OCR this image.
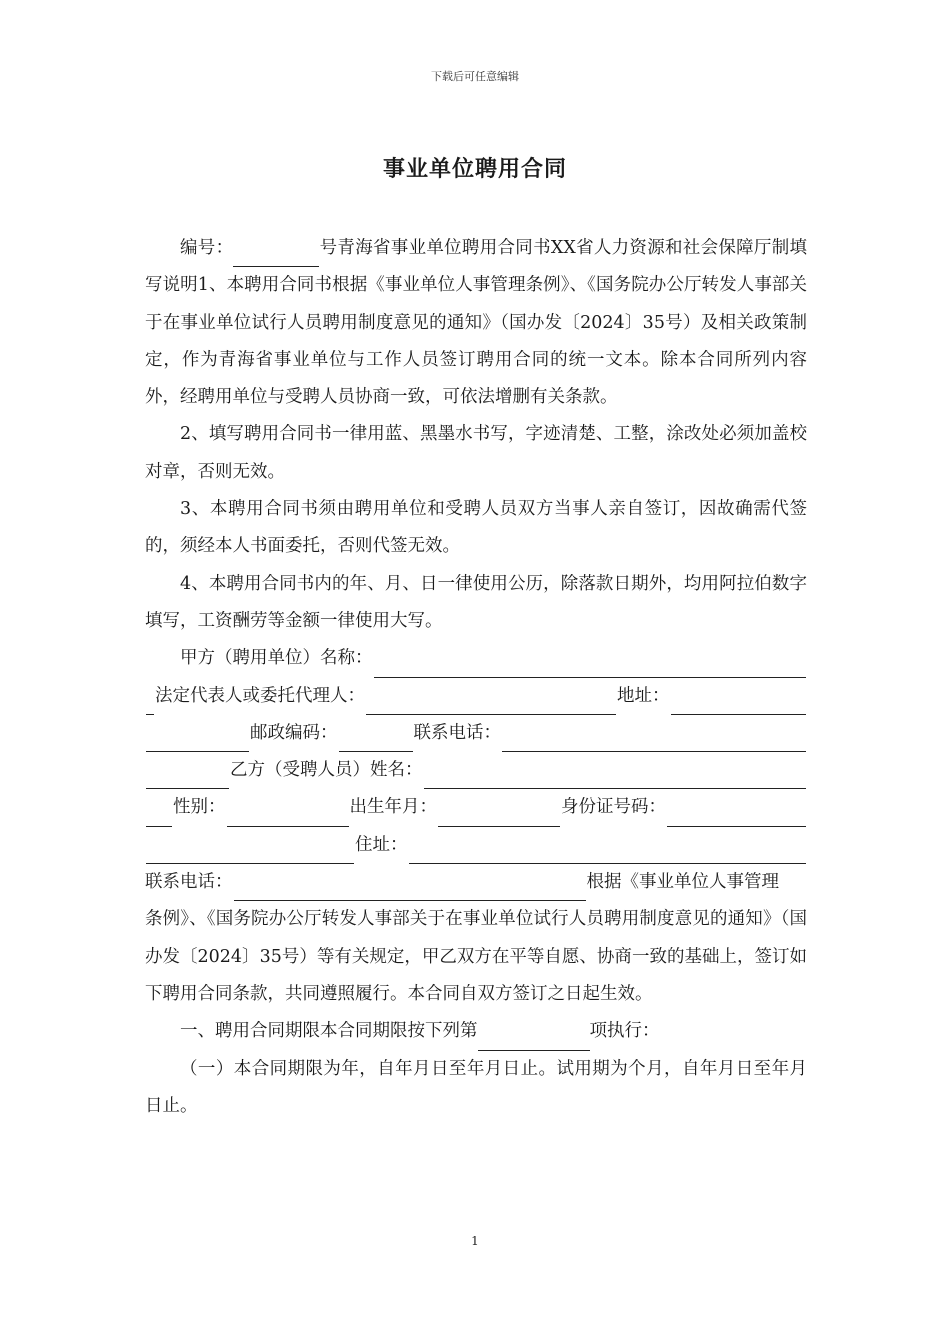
下载后可任意编辑
事业单位聘用合同

编号：	号青海省事业单位聘用合同书XX省人力资源和社会保障厅制填写说明1、本聘用合同书根据《事业单位人事管理条例》、《国务院办公厅转发人事部关于在事业单位试行人员聘用制度意见的通知》（国办发〔2024〕35号）及相关政策制定，作为青海省事业单位与工作人员签订聘用合同的统一文本。除本合同所列内容外，经聘用单位与受聘人员协商一致，可依法增删有关条款。

2、填写聘用合同书一律用蓝、黑墨水书写，字迹清楚、工整，涂改处必须加盖校对章，否则无效。

3、本聘用合同书须由聘用单位和受聘人员双方当事人亲自签订，因故确需代签的，须经本人书面委托，否则代签无效。

4、本聘用合同书内的年、月、日一律使用公历，除落款日期外，均用阿拉伯数字填写，工资酬劳等金额一律使用大写。

甲方（聘用单位）名称：
法定代表人或委托代理人：	地址：
邮政编码：	联系电话：
乙方（受聘人员）姓名：
性别：	出生年月：	身份证号码：
住址：
联系电话：	根据《事业单位人事管理

条例》、《国务院办公厅转发人事部关于在事业单位试行人员聘用制度意见的通知》（国办发〔2024〕35号）等有关规定，甲乙双方在平等自愿、协商一致的基础上，签订如下聘用合同条款，共同遵照履行。本合同自双方签订之日起生效。

一、聘用合同期限本合同期限按下列第	项执行：

（一）本合同期限为年，自年月日至年月日止。试用期为个月，自年月日至年月日止。

1
